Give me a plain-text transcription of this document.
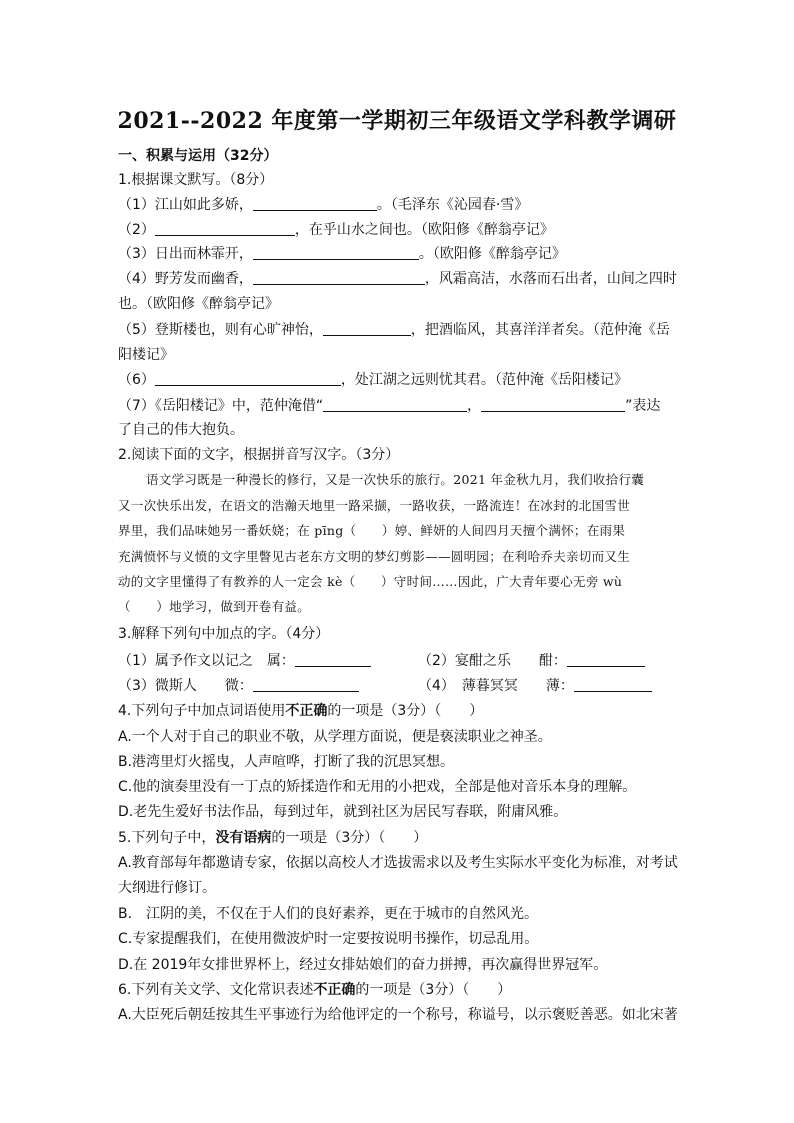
2021--2022 年度第一学期初三年级语文学科教学调研
一、积累与运用（32分）
1.根据课文默写。（8分）
（1）江山如此多娇，	。（毛泽东《沁园春·雪》
（2）	，在乎山水之间也。（欧阳修《醉翁亭记》
（3）日出而林霏开，	。（欧阳修《醉翁亭记》
（4）野芳发而幽香，	，风霜高洁，水落而石出者，山间之四时
也。（欧阳修《醉翁亭记》
（5）登斯楼也，则有心旷神怡，	，把酒临风，其喜洋洋者矣。（范仲淹《岳
阳楼记》
（6）	，处江湖之远则忧其君。（范仲淹《岳阳楼记》
（7）《岳阳楼记》中，范仲淹借“	，	”表达
了自己的伟大抱负。
2.阅读下面的文字，根据拼音写汉字。（3分）
语文学习既是一种漫长的修行，又是一次快乐的旅行。2021 年金秋九月，我们收拾行囊
又一次快乐出发，在语文的浩瀚天地里一路采撷，一路收获，一路流连！在冰封的北国雪世
界里，我们品味她另一番妖娆；在 pīng（　　）婷、鲜妍的人间四月天擅个满怀；在雨果
充满愤怀与义愤的文字里瞥见古老东方文明的梦幻剪影——圆明园；在利哈乔夫亲切而又生
动的文字里懂得了有教养的人一定会 kè（　　）守时间……因此，广大青年要心无旁 wù
（　　）地学习，做到开卷有益。
3.解释下列句中加点的字。（4分）
（1）属予作文以记之　属：	（2）宴酣之乐　　酣：
（3）微斯人　　微：	（4）　薄暮冥冥　　薄：
4.下列句子中加点词语使用不正确的一项是（3分）（　　）
A.一个人对于自己的职业不敬，从学理方面说，便是亵渎职业之神圣。
B.港湾里灯火摇曳，人声喧哗，打断了我的沉思冥想。
C.他的演奏里没有一丁点的矫揉造作和无用的小把戏，全部是他对音乐本身的理解。
D.老先生爱好书法作品，每到过年，就到社区为居民写春联，附庸风雅。
5.下列句子中，没有语病的一项是（3分）（　　）
A.教育部每年都邀请专家，依据以高校人才选拔需求以及考生实际水平变化为标准，对考试
大纲进行修订。
B.　江阴的美，不仅在于人们的良好素养，更在于城市的自然风光。
C.专家提醒我们，在使用微波炉时一定要按说明书操作，切忌乱用。
D.在 2019年女排世界杯上，经过女排姑娘们的奋力拼搏，再次赢得世界冠军。
6.下列有关文学、文化常识表述不正确的一项是（3分）（　　）
A.大臣死后朝廷按其生平事迹行为给他评定的一个称号，称谥号，以示褒贬善恶。如北宋著
